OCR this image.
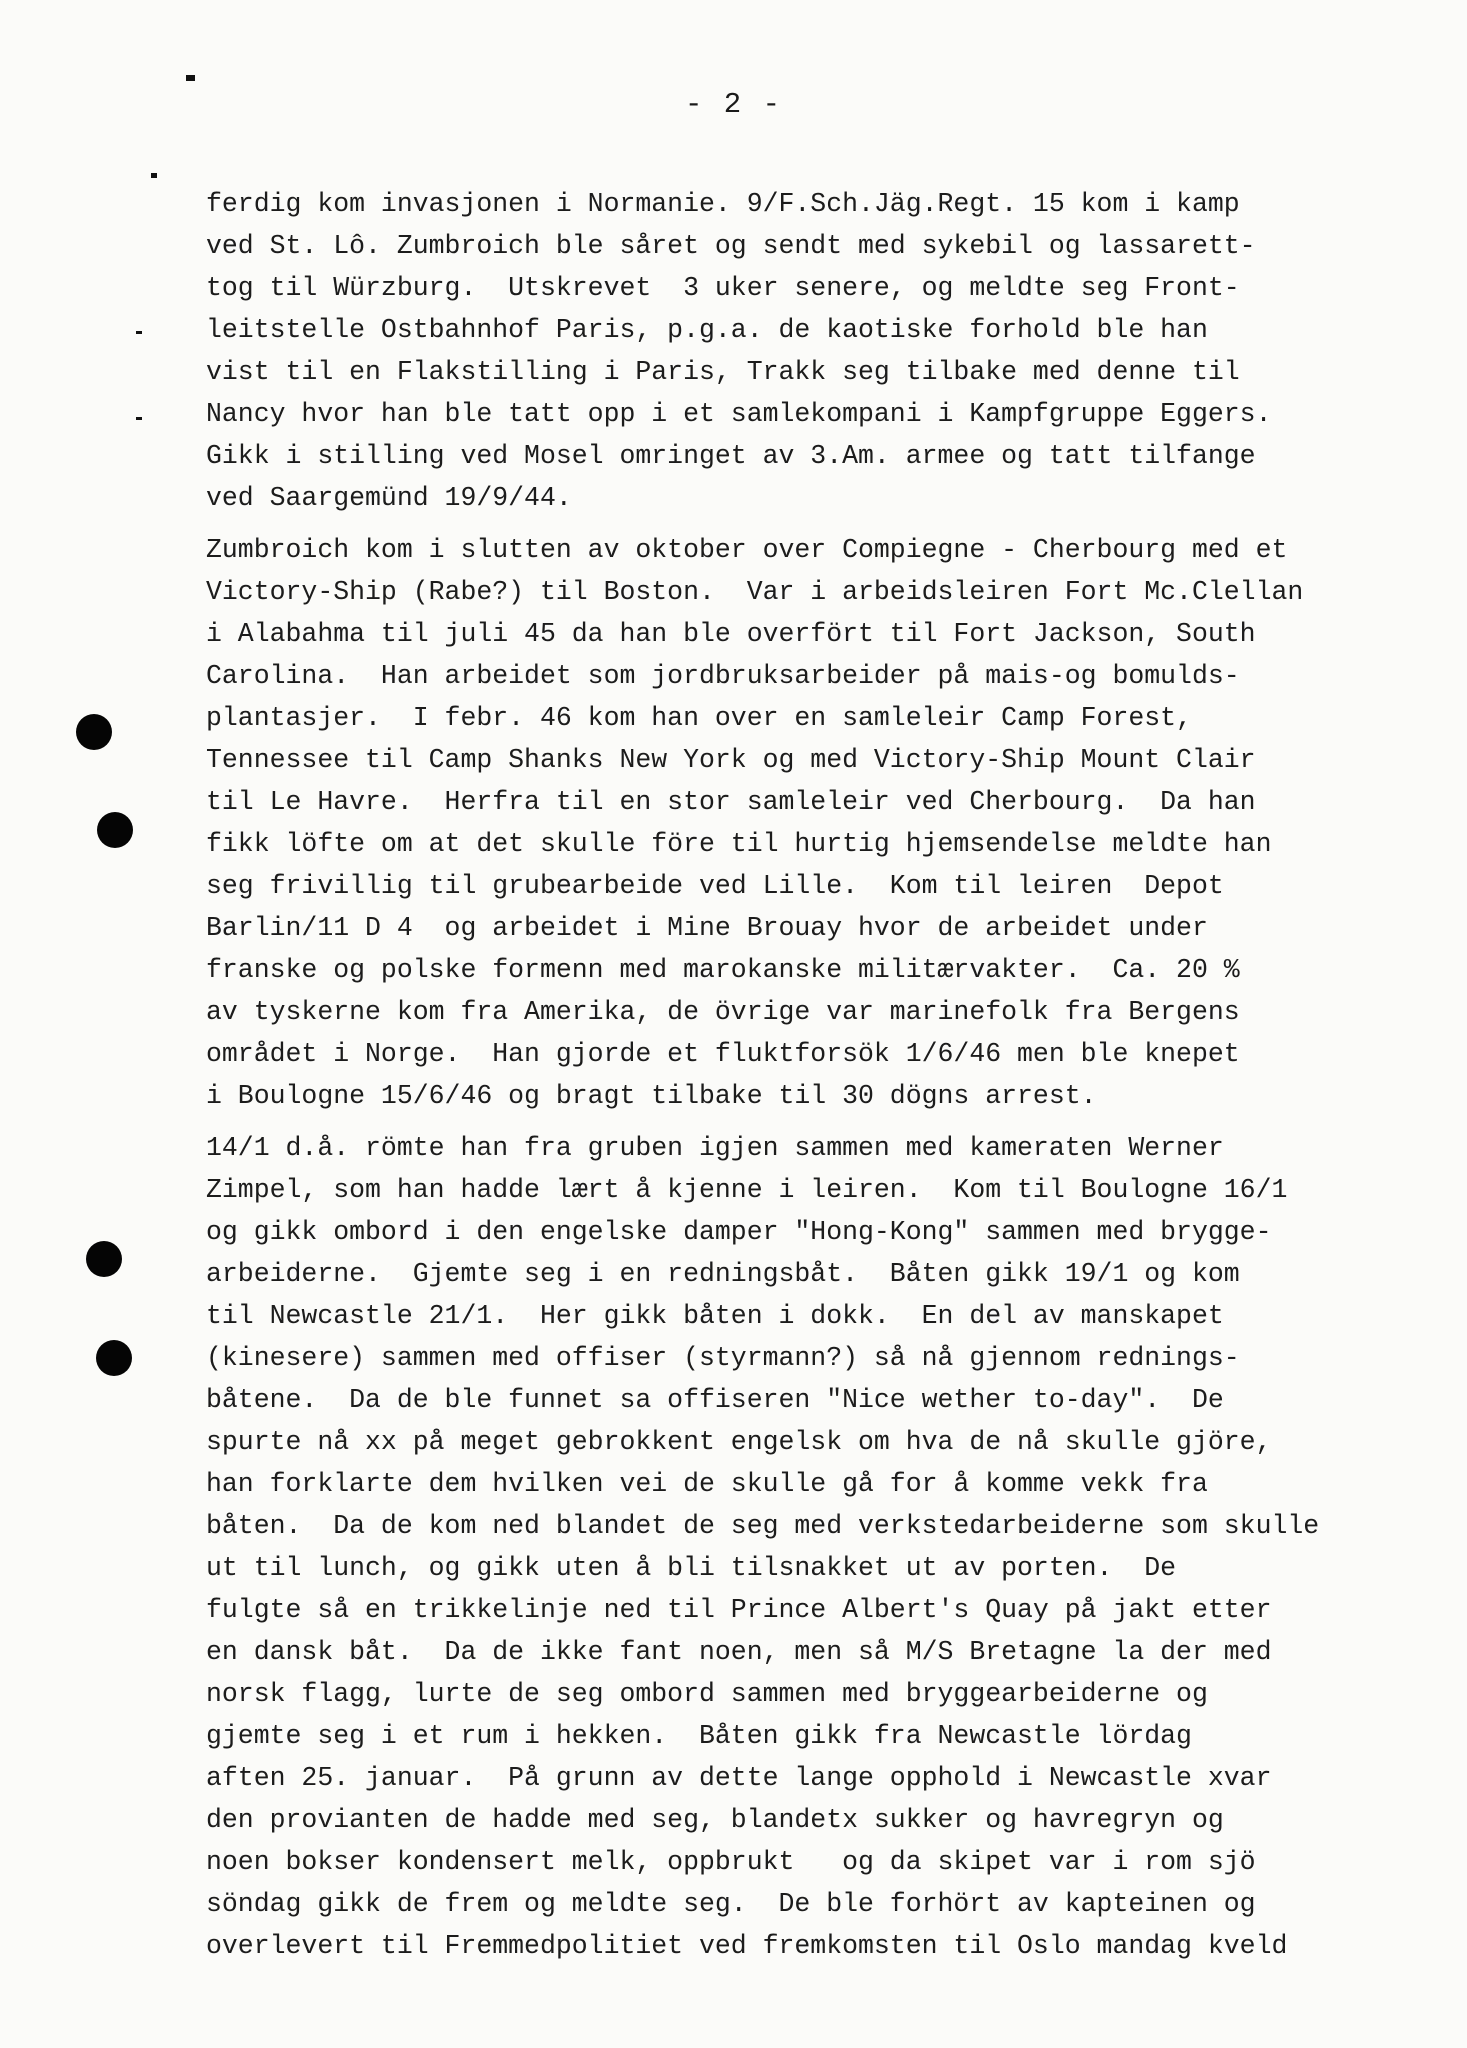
- 2 -
ferdig kom invasjonen i Normanie. 9/F.Sch.Jäg.Regt. 15 kom i kamp
ved St. Lô. Zumbroich ble såret og sendt med sykebil og lassarett-
tog til Würzburg.  Utskrevet  3 uker senere, og meldte seg Front-
leitstelle Ostbahnhof Paris, p.g.a. de kaotiske forhold ble han
vist til en Flakstilling i Paris, Trakk seg tilbake med denne til
Nancy hvor han ble tatt opp i et samlekompani i Kampfgruppe Eggers.
Gikk i stilling ved Mosel omringet av 3.Am. armee og tatt tilfange
ved Saargemünd 19/9/44.
Zumbroich kom i slutten av oktober over Compiegne - Cherbourg med et
Victory-Ship (Rabe?) til Boston.  Var i arbeidsleiren Fort Mc.Clellan
i Alabahma til juli 45 da han ble overfört til Fort Jackson, South
Carolina.  Han arbeidet som jordbruksarbeider på mais-og bomulds-
plantasjer.  I febr. 46 kom han over en samleleir Camp Forest,
Tennessee til Camp Shanks New York og med Victory-Ship Mount Clair
til Le Havre.  Herfra til en stor samleleir ved Cherbourg.  Da han
fikk löfte om at det skulle före til hurtig hjemsendelse meldte han
seg frivillig til grubearbeide ved Lille.  Kom til leiren  Depot
Barlin/11 D 4  og arbeidet i Mine Brouay hvor de arbeidet under
franske og polske formenn med marokanske militærvakter.  Ca. 20 %
av tyskerne kom fra Amerika, de övrige var marinefolk fra Bergens
området i Norge.  Han gjorde et fluktforsök 1/6/46 men ble knepet
i Boulogne 15/6/46 og bragt tilbake til 30 dögns arrest.
14/1 d.å. römte han fra gruben igjen sammen med kameraten Werner
Zimpel, som han hadde lært å kjenne i leiren.  Kom til Boulogne 16/1
og gikk ombord i den engelske damper "Hong-Kong" sammen med brygge-
arbeiderne.  Gjemte seg i en redningsbåt.  Båten gikk 19/1 og kom
til Newcastle 21/1.  Her gikk båten i dokk.  En del av manskapet
(kinesere) sammen med offiser (styrmann?) så nå gjennom rednings-
båtene.  Da de ble funnet sa offiseren "Nice wether to-day".  De
spurte nå xx på meget gebrokkent engelsk om hva de nå skulle gjöre,
han forklarte dem hvilken vei de skulle gå for å komme vekk fra
båten.  Da de kom ned blandet de seg med verkstedarbeiderne som skulle
ut til lunch, og gikk uten å bli tilsnakket ut av porten.  De
fulgte så en trikkelinje ned til Prince Albert's Quay på jakt etter
en dansk båt.  Da de ikke fant noen, men så M/S Bretagne la der med
norsk flagg, lurte de seg ombord sammen med bryggearbeiderne og
gjemte seg i et rum i hekken.  Båten gikk fra Newcastle lördag
aften 25. januar.  På grunn av dette lange opphold i Newcastle xvar
den provianten de hadde med seg, blandetx sukker og havregryn og
noen bokser kondensert melk, oppbrukt   og da skipet var i rom sjö
söndag gikk de frem og meldte seg.  De ble forhört av kapteinen og
overlevert til Fremmedpolitiet ved fremkomsten til Oslo mandag kveld
